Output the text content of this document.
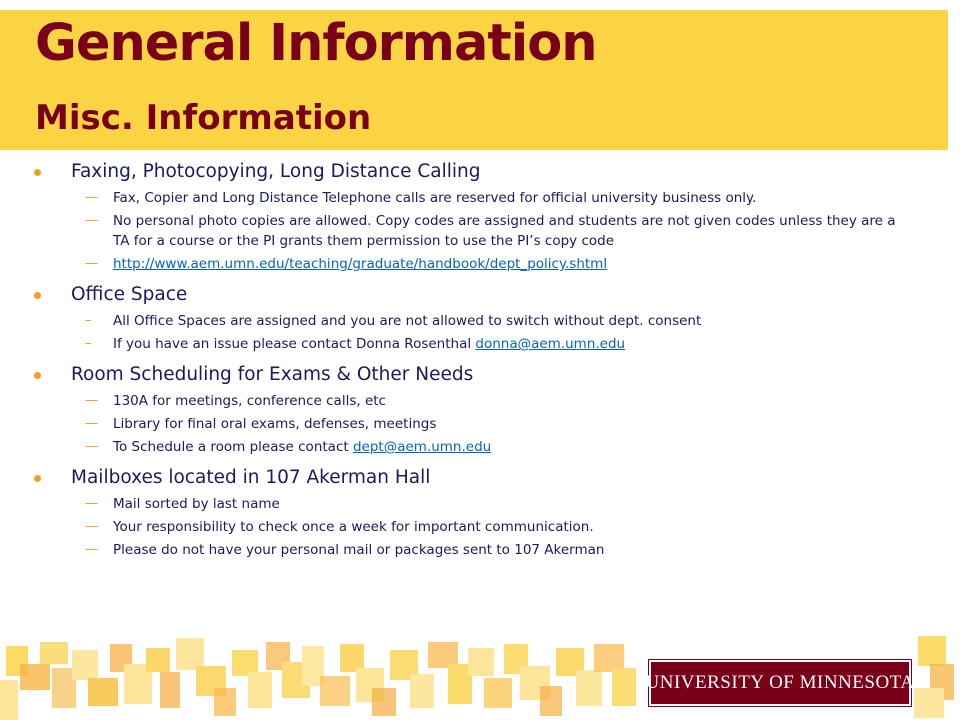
General Information
Misc. Information
Faxing, Photocopying, Long Distance Calling
— Fax, Copier and Long Distance Telephone calls are reserved for official university business only.
— No personal photo copies are allowed. Copy codes are assigned and students are not given codes unless they are a TA for a course or the PI grants them permission to use the PI’s copy code
— http://www.aem.umn.edu/teaching/graduate/handbook/dept_policy.shtml
Office Space
– All Office Spaces are assigned and you are not allowed to switch without dept. consent
– If you have an issue please contact Donna Rosenthal donna@aem.umn.edu
Room Scheduling for Exams & Other Needs
— 130A for meetings, conference calls, etc
— Library for final oral exams, defenses, meetings
— To Schedule a room please contact dept@aem.umn.edu
Mailboxes located in 107 Akerman Hall
— Mail sorted by last name
— Your responsibility to check once a week for important communication.
— Please do not have your personal mail or packages sent to 107 Akerman
UNIVERSITY OF MINNESOTA
